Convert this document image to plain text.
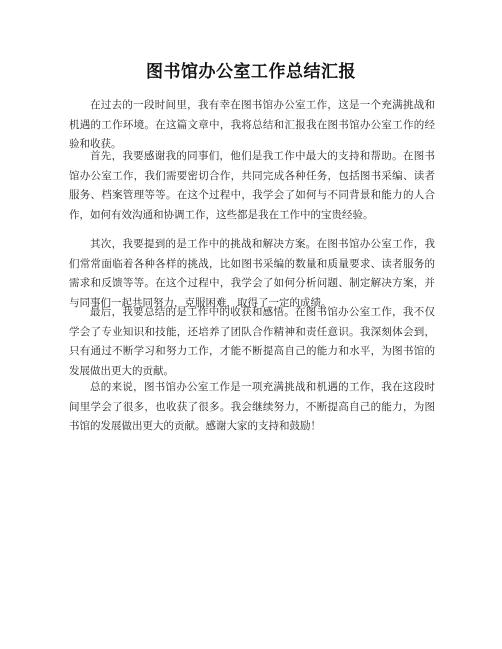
图书馆办公室工作总结汇报

在过去的一段时间里，我有幸在图书馆办公室工作，这是一个充满挑战和机遇的工作环境。在这篇文章中，我将总结和汇报我在图书馆办公室工作的经验和收获。

首先，我要感谢我的同事们，他们是我工作中最大的支持和帮助。在图书馆办公室工作，我们需要密切合作，共同完成各种任务，包括图书采编、读者服务、档案管理等等。在这个过程中，我学会了如何与不同背景和能力的人合作，如何有效沟通和协调工作，这些都是我在工作中的宝贵经验。

其次，我要提到的是工作中的挑战和解决方案。在图书馆办公室工作，我们常常面临着各种各样的挑战，比如图书采编的数量和质量要求、读者服务的需求和反馈等等。在这个过程中，我学会了如何分析问题、制定解决方案，并与同事们一起共同努力，克服困难，取得了一定的成绩。

最后，我要总结的是工作中的收获和感悟。在图书馆办公室工作，我不仅学会了专业知识和技能，还培养了团队合作精神和责任意识。我深刻体会到，只有通过不断学习和努力工作，才能不断提高自己的能力和水平，为图书馆的发展做出更大的贡献。

总的来说，图书馆办公室工作是一项充满挑战和机遇的工作，我在这段时间里学会了很多，也收获了很多。我会继续努力，不断提高自己的能力，为图书馆的发展做出更大的贡献。感谢大家的支持和鼓励！
